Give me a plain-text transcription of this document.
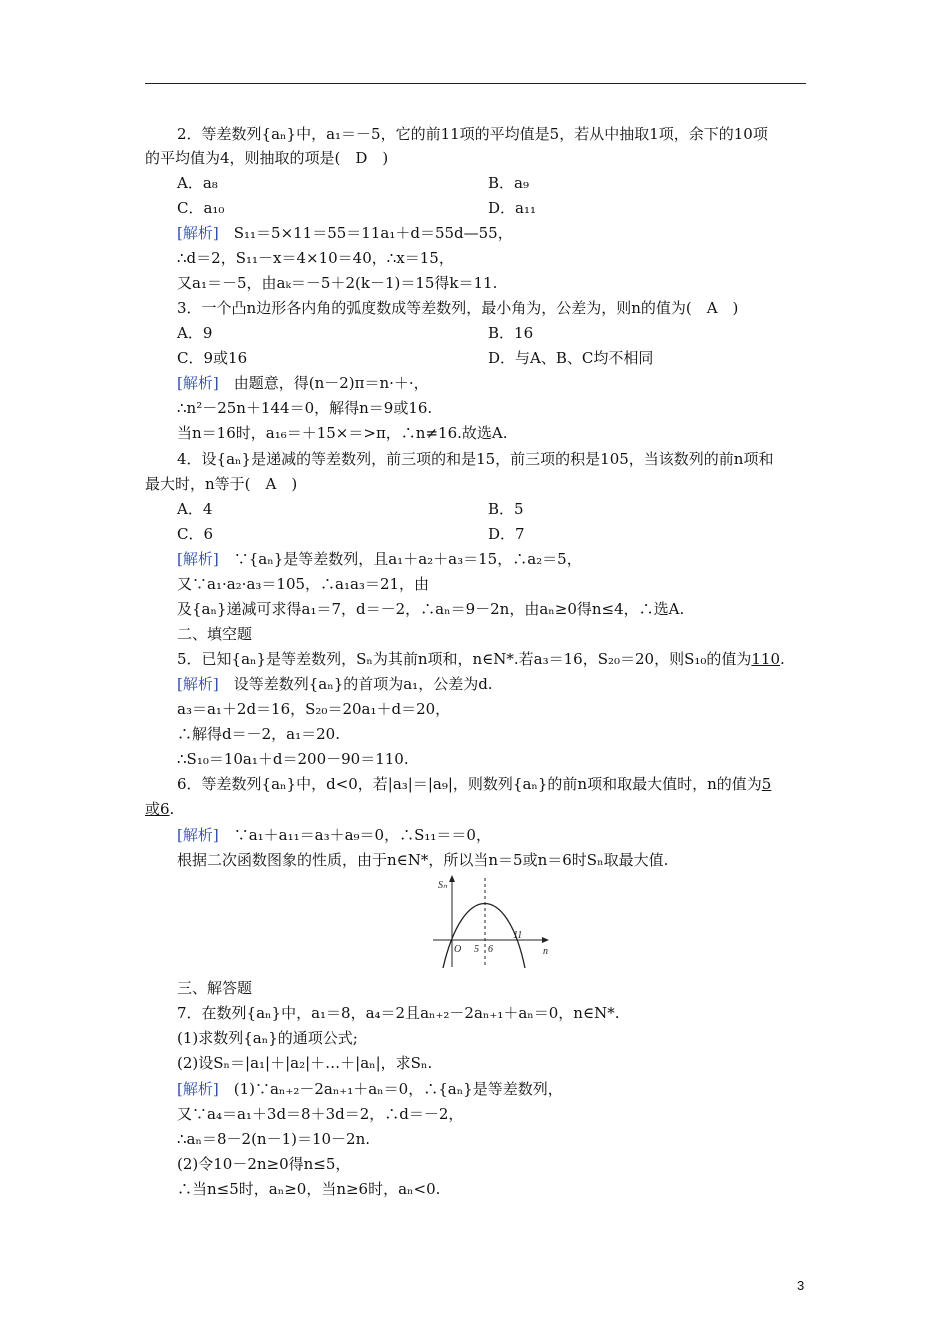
2．等差数列{aₙ}中，a₁＝－5，它的前11项的平均值是5，若从中抽取1项，余下的10项
的平均值为4，则抽取的项是(　D　)
A．a₈	B．a₉
C．a₁₀	D．a₁₁
[解析]　S₁₁＝5×11＝55＝11a₁＋d＝55d—55，
∴d＝2，S₁₁－x＝4×10＝40，∴x＝15，
又a₁＝－5，由aₖ＝－5＋2(k－1)＝15得k＝11.
3．一个凸n边形各内角的弧度数成等差数列，最小角为，公差为，则n的值为(　A　)
A．9	B．16
C．9或16	D．与A、B、C均不相同
[解析]　由题意，得(n－2)π＝n·＋·，
∴n²－25n＋144＝0，解得n＝9或16.
当n＝16时，a₁₆＝＋15×＝>π，∴n≠16.故选A.
4．设{aₙ}是递减的等差数列，前三项的和是15，前三项的积是105，当该数列的前n项和
最大时，n等于(　A　)
A．4	B．5
C．6	D．7
[解析]　∵{aₙ}是等差数列，且a₁＋a₂＋a₃＝15，∴a₂＝5，
又∵a₁·a₂·a₃＝105，∴a₁a₃＝21，由
及{aₙ}递减可求得a₁＝7，d＝－2，∴aₙ＝9－2n，由aₙ≥0得n≤4，∴选A.
二、填空题
5．已知{aₙ}是等差数列，Sₙ为其前n项和，n∈N*.若a₃＝16，S₂₀＝20，则S₁₀的值为110.
[解析]　设等差数列{aₙ}的首项为a₁，公差为d.
a₃＝a₁＋2d＝16，S₂₀＝20a₁＋d＝20，
∴解得d＝－2，a₁＝20.
∴S₁₀＝10a₁＋d＝200－90＝110.
6．等差数列{aₙ}中，d<0，若|a₃|＝|a₉|，则数列{aₙ}的前n项和取最大值时，n的值为5
或6.
[解析]　∵a₁＋a₁₁＝a₃＋a₉＝0，∴S₁₁＝＝0，
根据二次函数图象的性质，由于n∈N*，所以当n＝5或n＝6时Sₙ取最大值.
Sₙ
n
O 5 6
11
三、解答题
7．在数列{aₙ}中，a₁＝8，a₄＝2且aₙ₊₂－2aₙ₊₁＋aₙ＝0，n∈N*.
(1)求数列{aₙ}的通项公式;
(2)设Sₙ＝|a₁|＋|a₂|＋…＋|aₙ|，求Sₙ.
[解析]　(1)∵aₙ₊₂－2aₙ₊₁＋aₙ＝0，∴{aₙ}是等差数列，
又∵a₄＝a₁＋3d＝8＋3d＝2，∴d＝－2，
∴aₙ＝8－2(n－1)＝10－2n.
(2)令10－2n≥0得n≤5，
∴当n≤5时，aₙ≥0，当n≥6时，aₙ<0.
3
